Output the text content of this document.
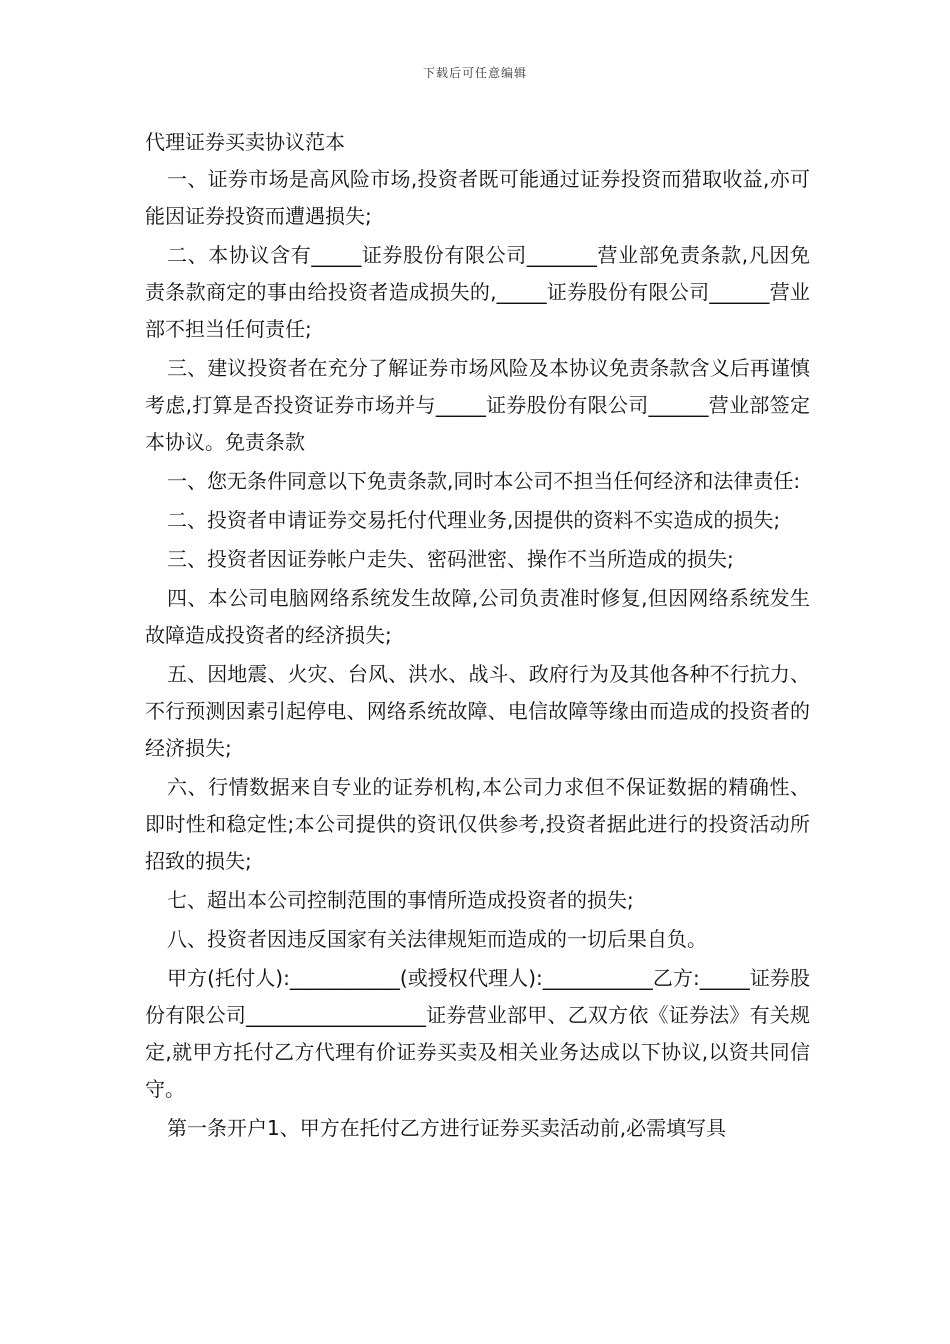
下载后可任意编辑
代理证券买卖协议范本

一、证券市场是高风险市场,投资者既可能通过证券投资而猎取收益,亦可能因证券投资而遭遇损失;

二、本协议含有_____证券股份有限公司_______营业部免责条款,凡因免责条款商定的事由给投资者造成损失的,_____证券股份有限公司______营业部不担当任何责任;

三、建议投资者在充分了解证券市场风险及本协议免责条款含义后再谨慎考虑,打算是否投资证券市场并与_____证券股份有限公司______营业部签定本协议。免责条款

一、您无条件同意以下免责条款,同时本公司不担当任何经济和法律责任:

二、投资者申请证券交易托付代理业务,因提供的资料不实造成的损失;

三、投资者因证券帐户走失、密码泄密、操作不当所造成的损失;

四、本公司电脑网络系统发生故障,公司负责准时修复,但因网络系统发生故障造成投资者的经济损失;

五、因地震、火灾、台风、洪水、战斗、政府行为及其他各种不行抗力、不行预测因素引起停电、网络系统故障、电信故障等缘由而造成的投资者的经济损失;

六、行情数据来自专业的证券机构,本公司力求但不保证数据的精确性、即时性和稳定性;本公司提供的资讯仅供参考,投资者据此进行的投资活动所招致的损失;

七、超出本公司控制范围的事情所造成投资者的损失;

八、投资者因违反国家有关法律规矩而造成的一切后果自负。

甲方(托付人):___________(或授权代理人):___________乙方:_____证券股份有限公司__________________证券营业部甲、乙双方依《证券法》有关规定,就甲方托付乙方代理有价证券买卖及相关业务达成以下协议,以资共同信守。

第一条开户1、甲方在托付乙方进行证券买卖活动前,必需填写具
